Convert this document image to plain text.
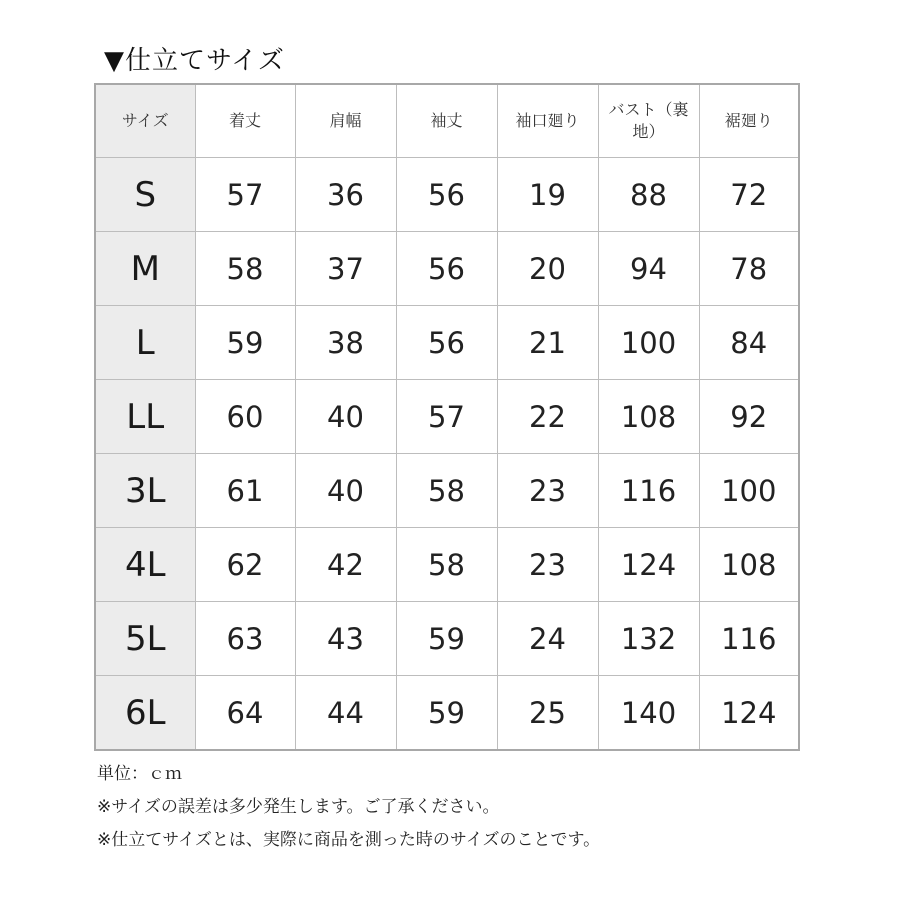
▼仕立てサイズ
サイズ	着丈	肩幅	袖丈	袖口廻り	バスト（裏地）	裾廻り
S	57	36	56	19	88	72
M	58	37	56	20	94	78
L	59	38	56	21	100	84
LL	60	40	57	22	108	92
3L	61	40	58	23	116	100
4L	62	42	58	23	124	108
5L	63	43	59	24	132	116
6L	64	44	59	25	140	124
単位：ｃｍ
※サイズの誤差は多少発生します。ご了承ください。
※仕立てサイズとは、実際に商品を測った時のサイズのことです。
